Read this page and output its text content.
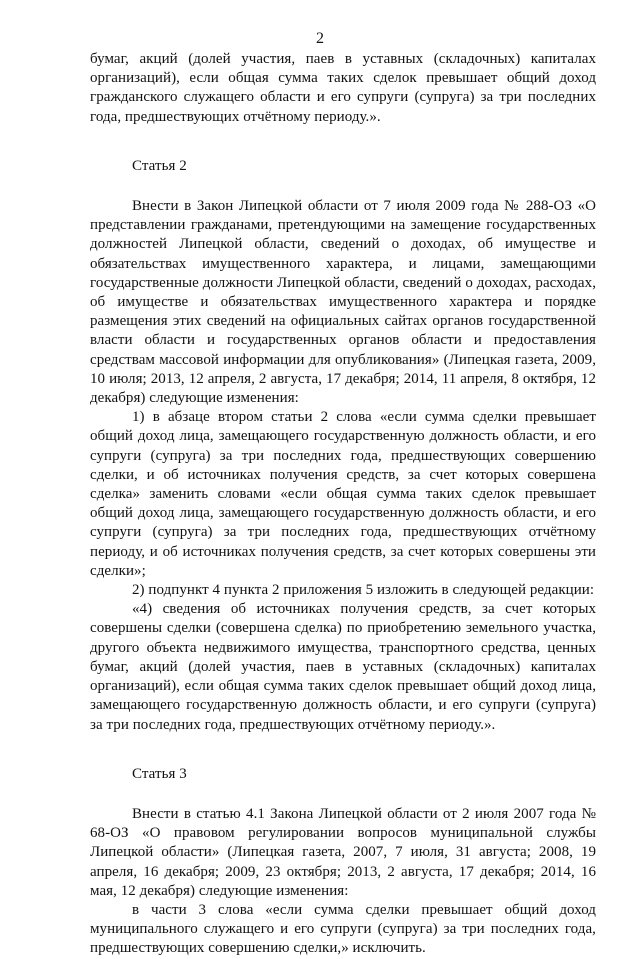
2

бумаг, акций (долей участия, паев в уставных (складочных) капиталах организаций), если общая сумма таких сделок превышает общий доход гражданского служащего области и его супруги (супруга) за три последних года, предшествующих отчётному периоду.».

Статья 2

Внести в Закон Липецкой области от 7 июля 2009 года № 288-ОЗ «О представлении гражданами, претендующими на замещение государственных должностей Липецкой области, сведений о доходах, об имуществе и обязательствах имущественного характера, и лицами, замещающими государственные должности Липецкой области, сведений о доходах, расходах, об имуществе и обязательствах имущественного характера и порядке размещения этих сведений на официальных сайтах органов государственной власти области и государственных органов области и предоставления средствам массовой информации для опубликования» (Липецкая газета, 2009, 10 июля; 2013, 12 апреля, 2 августа, 17 декабря; 2014, 11 апреля, 8 октября, 12 декабря) следующие изменения:

1) в абзаце втором статьи 2 слова «если сумма сделки превышает общий доход лица, замещающего государственную должность области, и его супруги (супруга) за три последних года, предшествующих совершению сделки, и об источниках получения средств, за счет которых совершена сделка» заменить словами «если общая сумма таких сделок превышает общий доход лица, замещающего государственную должность области, и его супруги (супруга) за три последних года, предшествующих отчётному периоду, и об источниках получения средств, за счет которых совершены эти сделки»;

2) подпункт 4 пункта 2 приложения 5 изложить в следующей редакции:

«4) сведения об источниках получения средств, за счет которых совершены сделки (совершена сделка) по приобретению земельного участка, другого объекта недвижимого имущества, транспортного средства, ценных бумаг, акций (долей участия, паев в уставных (складочных) капиталах организаций), если общая сумма таких сделок превышает общий доход лица, замещающего государственную должность области, и его супруги (супруга) за три последних года, предшествующих отчётному периоду.».

Статья 3

Внести в статью 4.1 Закона Липецкой области от 2 июля 2007 года № 68-ОЗ «О правовом регулировании вопросов муниципальной службы Липецкой области» (Липецкая газета, 2007, 7 июля, 31 августа; 2008, 19 апреля, 16 декабря; 2009, 23 октября; 2013, 2 августа, 17 декабря; 2014, 16 мая, 12 декабря) следующие изменения:

в части 3 слова «если сумма сделки превышает общий доход муниципального служащего и его супруги (супруга) за три последних года, предшествующих совершению сделки,» исключить.
